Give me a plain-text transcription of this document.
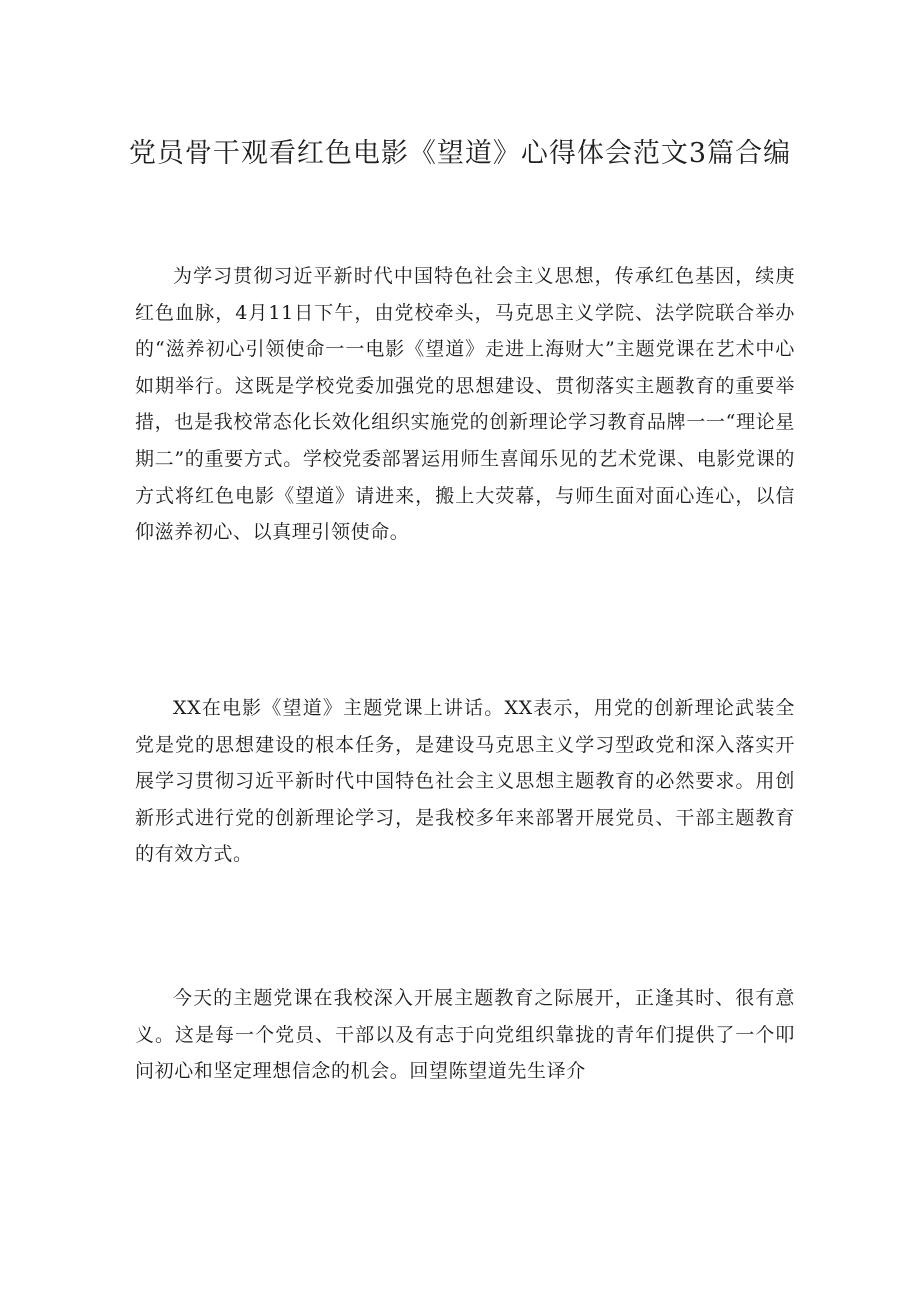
党员骨干观看红色电影《望道》心得体会范文3篇合编

为学习贯彻习近平新时代中国特色社会主义思想，传承红色基因，续庚红色血脉，4月11日下午，由党校牵头，马克思主义学院、法学院联合举办的“滋养初心引领使命一一电影《望道》走进上海财大”主题党课在艺术中心如期举行。这既是学校党委加强党的思想建设、贯彻落实主题教育的重要举措，也是我校常态化长效化组织实施党的创新理论学习教育品牌一一“理论星期二”的重要方式。学校党委部署运用师生喜闻乐见的艺术党课、电影党课的方式将红色电影《望道》请进来，搬上大荧幕，与师生面对面心连心，以信仰滋养初心、以真理引领使命。

XX在电影《望道》主题党课上讲话。XX表示，用党的创新理论武装全党是党的思想建设的根本任务，是建设马克思主义学习型政党和深入落实开展学习贯彻习近平新时代中国特色社会主义思想主题教育的必然要求。用创新形式进行党的创新理论学习，是我校多年来部署开展党员、干部主题教育的有效方式。

今天的主题党课在我校深入开展主题教育之际展开，正逢其时、很有意义。这是每一个党员、干部以及有志于向党组织靠拢的青年们提供了一个叩问初心和坚定理想信念的机会。回望陈望道先生译介
